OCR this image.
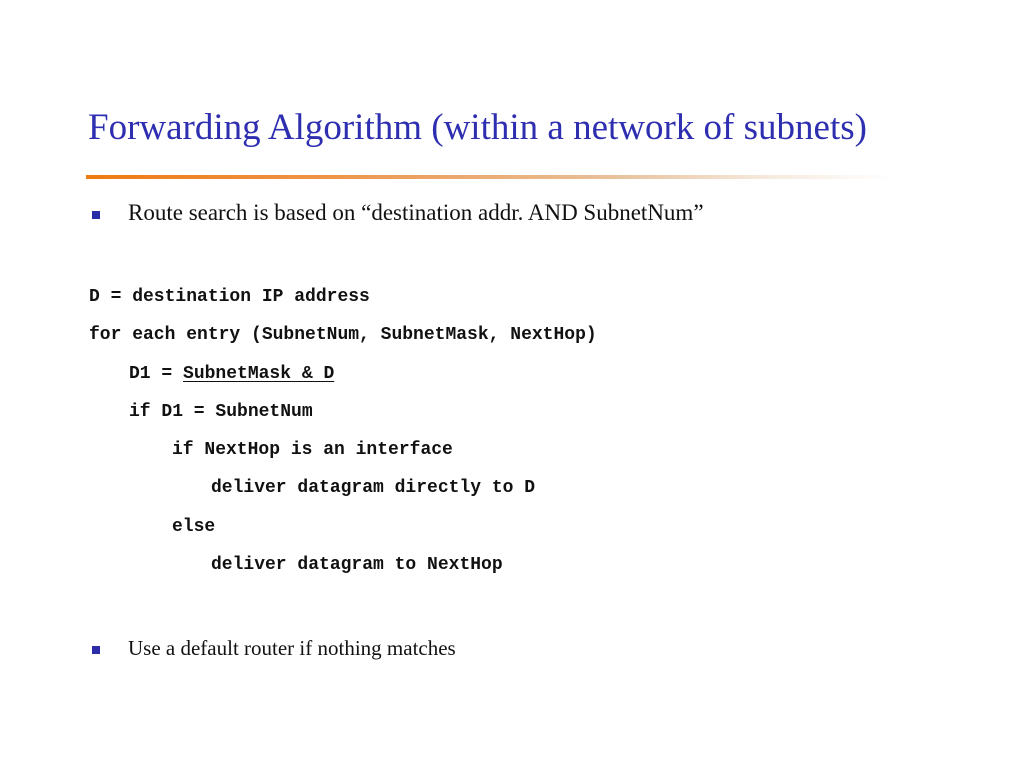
Forwarding Algorithm (within a network of subnets)
Route search is based on “destination addr. AND SubnetNum”
D = destination IP address
for each entry (SubnetNum, SubnetMask, NextHop)
D1 = SubnetMask & D
if D1 = SubnetNum
if NextHop is an interface
deliver datagram directly to D
else
deliver datagram to NextHop
Use a default router if nothing matches
